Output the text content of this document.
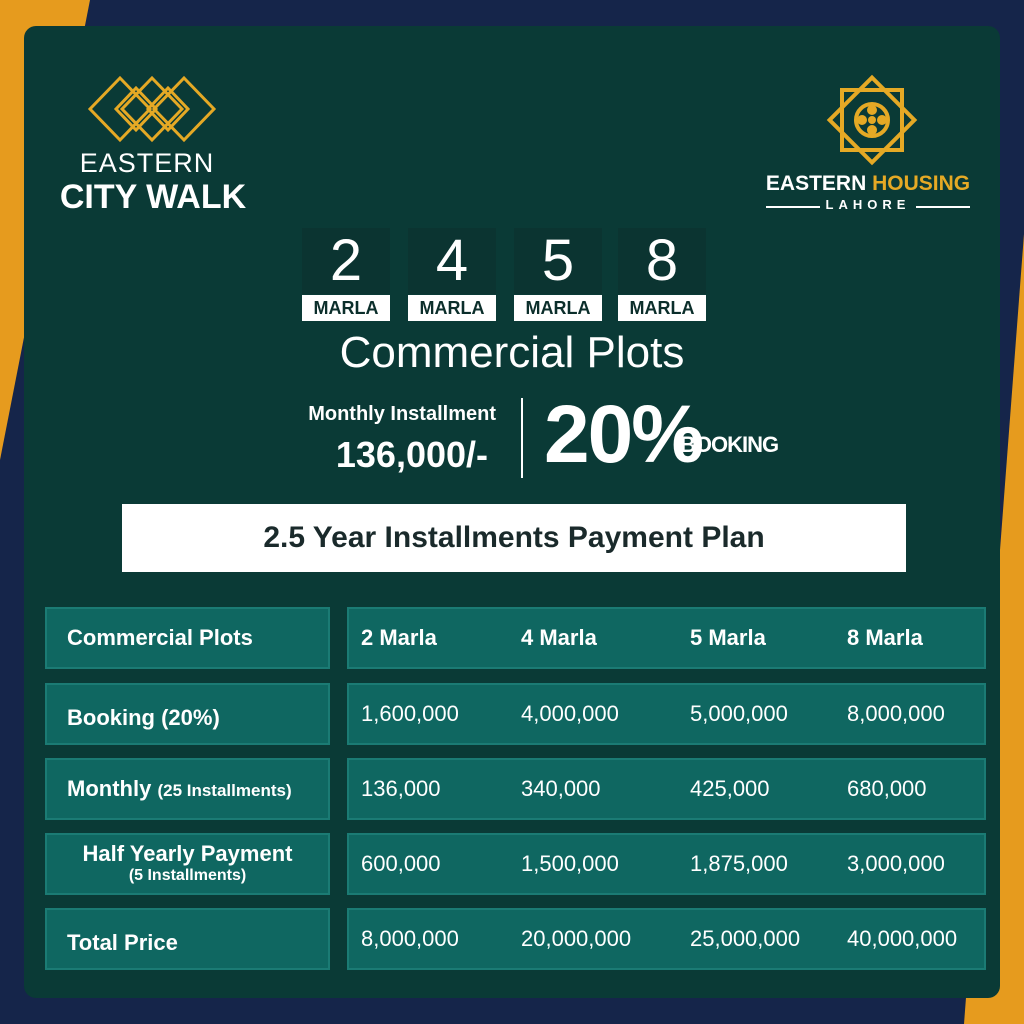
EASTERN
CITY WALK	EASTERN HOUSING
LAHORE
2
MARLA
4
MARLA
5
MARLA
8
MARLA
Commercial Plots
Monthly Installment
136,000/- 20%
BOOKING
2.5 Year Installments Payment Plan
Commercial Plots	2 Marla	4 Marla	5 Marla	8 Marla
Booking (20%)	1,600,000	4,000,000	5,000,000	8,000,000
Monthly (25 Installments)	136,000	340,000	425,000	680,000
Half Yearly Payment
(5 Installments)	600,000	1,500,000	1,875,000	3,000,000
Total Price	8,000,000	20,000,000	25,000,000 40,000,000
